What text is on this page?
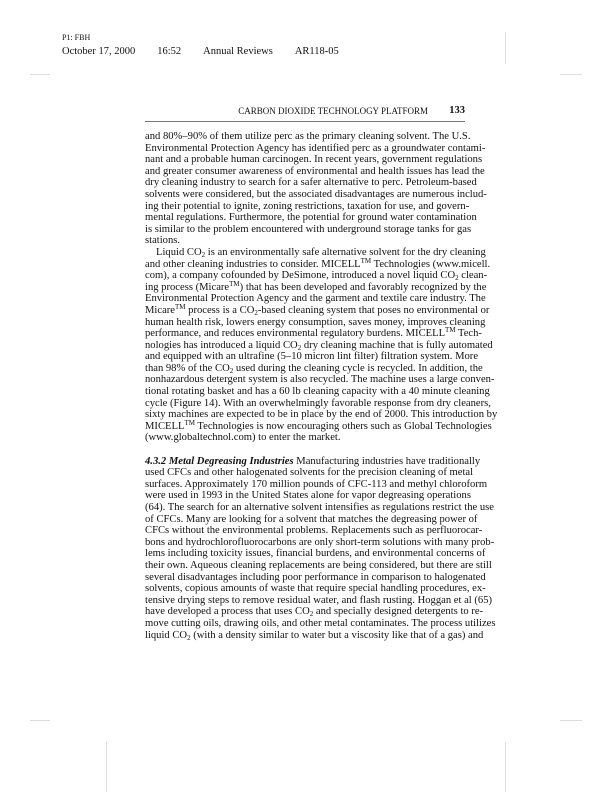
P1: FBH
October 17, 2000 16:52 Annual Reviews AR118-05
CARBON DIOXIDE TECHNOLOGY PLATFORM 133
and 80%–90% of them utilize perc as the primary cleaning solvent. The U.S.
Environmental Protection Agency has identified perc as a groundwater contami-
nant and a probable human carcinogen. In recent years, government regulations
and greater consumer awareness of environmental and health issues has lead the
dry cleaning industry to search for a safer alternative to perc. Petroleum-based
solvents were considered, but the associated disadvantages are numerous includ-
ing their potential to ignite, zoning restrictions, taxation for use, and govern-
mental regulations. Furthermore, the potential for ground water contamination
is similar to the problem encountered with underground storage tanks for gas
stations.
Liquid $CO_2$ is an environmentally safe alternative solvent for the dry cleaning
and other cleaning industries to consider. MICELL™ Technologies (www.micell.
com), a company cofounded by DeSimone, introduced a novel liquid $CO_2$ clean-
ing process (Micare™) that has been developed and favorably recognized by the
Environmental Protection Agency and the garment and textile care industry. The
Micare™ process is a $CO_2$-based cleaning system that poses no environmental or
human health risk, lowers energy consumption, saves money, improves cleaning
performance, and reduces environmental regulatory burdens. MICELL™ Tech-
nologies has introduced a liquid $CO_2$ dry cleaning machine that is fully automated
and equipped with an ultrafine (5–10 micron lint filter) filtration system. More
than 98% of the $CO_2$ used during the cleaning cycle is recycled. In addition, the
nonhazardous detergent system is also recycled. The machine uses a large conven-
tional rotating basket and has a 60 lb cleaning capacity with a 40 minute cleaning
cycle (Figure 14). With an overwhelmingly favorable response from dry cleaners,
sixty machines are expected to be in place by the end of 2000. This introduction by
MICELL™ Technologies is now encouraging others such as Global Technologies
(www.globaltechnol.com) to enter the market.
4.3.2 Metal Degreasing Industries Manufacturing industries have traditionally
used CFCs and other halogenated solvents for the precision cleaning of metal
surfaces. Approximately 170 million pounds of CFC-113 and methyl chloroform
were used in 1993 in the United States alone for vapor degreasing operations
(64). The search for an alternative solvent intensifies as regulations restrict the use
of CFCs. Many are looking for a solvent that matches the degreasing power of
CFCs without the environmental problems. Replacements such as perfluorocar-
bons and hydrochlorofluorocarbons are only short-term solutions with many prob-
lems including toxicity issues, financial burdens, and environmental concerns of
their own. Aqueous cleaning replacements are being considered, but there are still
several disadvantages including poor performance in comparison to halogenated
solvents, copious amounts of waste that require special handling procedures, ex-
tensive drying steps to remove residual water, and flash rusting. Hoggan et al (65)
have developed a process that uses $CO_2$ and specially designed detergents to re-
move cutting oils, drawing oils, and other metal contaminates. The process utilizes
liquid $CO_2$ (with a density similar to water but a viscosity like that of a gas) and
